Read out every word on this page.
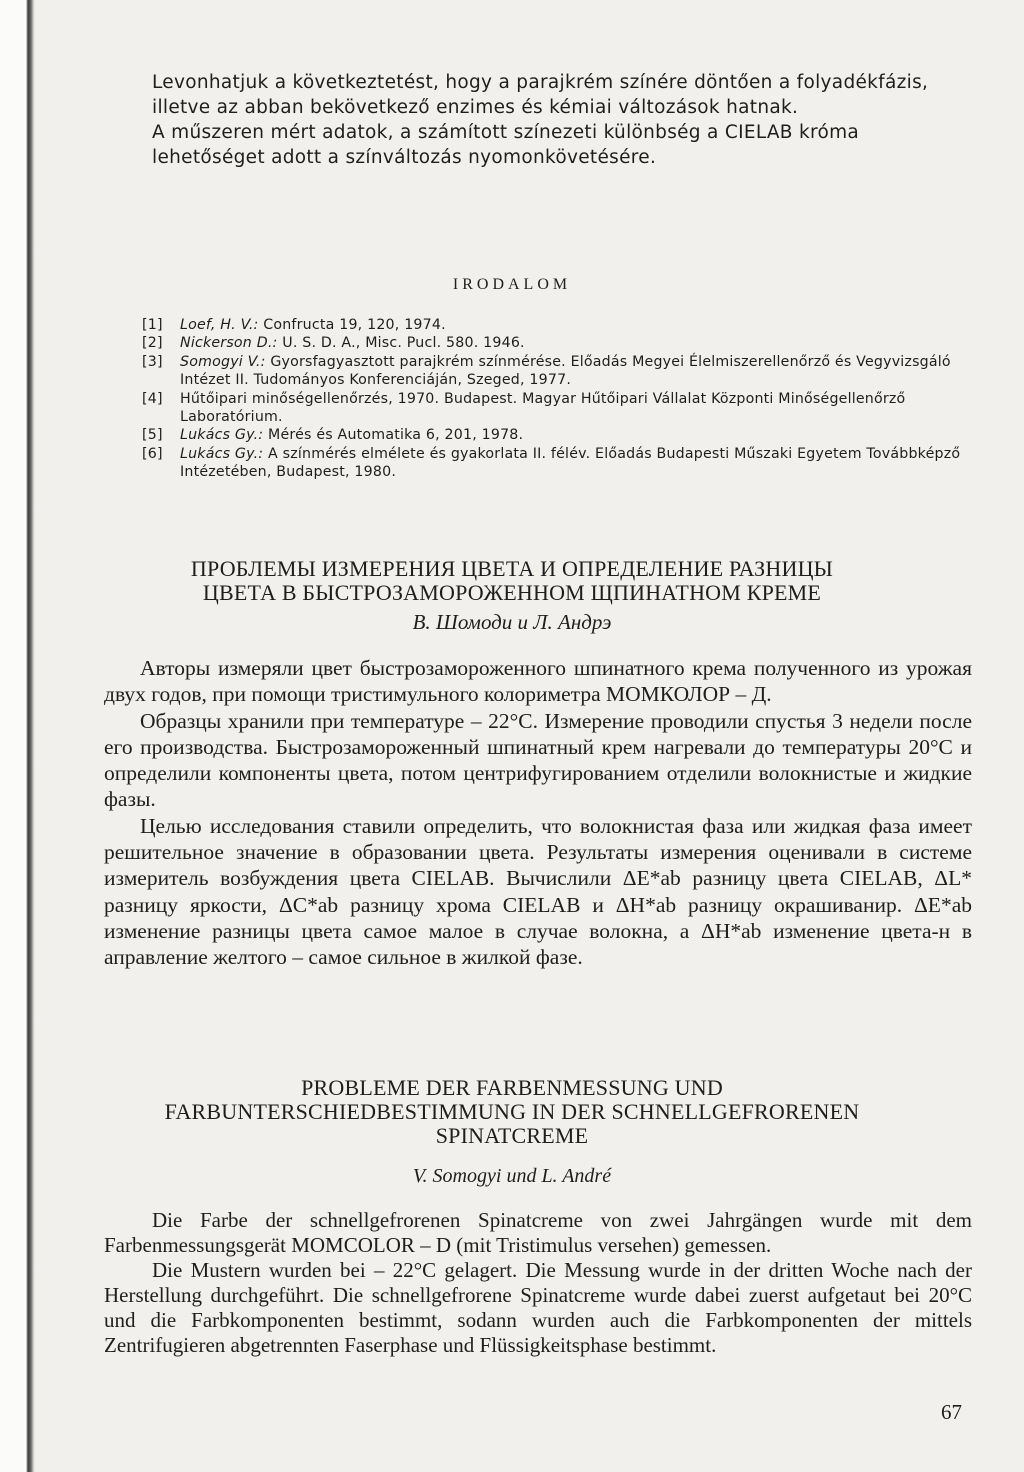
Levonhatjuk a következtetést, hogy a parajkrém színére döntően a folyadékfázis, illetve az abban bekövetkező enzimes és kémiai változások hatnak.

A műszeren mért adatok, a számított színezeti különbség a CIELAB króma lehetőséget adott a színváltozás nyomonkövetésére.

IRODALOM

[1] Loef, H. V.: Confructa 19, 120, 1974.

[2] Nickerson D.: U. S. D. A., Misc. Pucl. 580. 1946.

[3] Somogyi V.: Gyorsfagyasztott parajkrém színmérése. Előadás Megyei Élelmiszerellenőrző és Vegyvizsgáló Intézet II. Tudományos Konferenciáján, Szeged, 1977.

[4] Hűtőipari minőségellenőrzés, 1970. Budapest. Magyar Hűtőipari Vállalat Központi Minőségellenőrző Laboratórium.

[5] Lukács Gy.: Mérés és Automatika 6, 201, 1978.

[6] Lukács Gy.: A színmérés elmélete és gyakorlata II. félév. Előadás Budapesti Műszaki Egyetem Továbbképző Intézetében, Budapest, 1980.

ПРОБЛЕМЫ ИЗМЕРЕНИЯ ЦВЕТА И ОПРЕДЕЛЕНИЕ РАЗНИЦЫ
ЦВЕТА В БЫСТРОЗАМОРОЖЕННОМ ЩПИНАТНОМ КРЕМЕ
В. Шомоди и Л. Андрэ

Авторы измеряли цвет быстрозамороженного шпинатного крема полученного из урожая двух годов, при помощи тристимульного колориметра МОМКОЛОР – Д.

Образцы хранили при температуре – 22°С. Измерение проводили спустья 3 недели после его производства. Быстрозамороженный шпинатный крем нагревали до температуры 20°С и определили компоненты цвета, потом центрифугированием отделили волокнистые и жидкие фазы.

Целью исследования ставили определить, что волокнистая фаза или жидкая фаза имеет решительное значение в образовании цвета. Результаты измерения оценивали в системе измеритель возбуждения цвета CIELAB. Вычислили ΔE*ab разницу цвета CIELAB, ΔL* разницу яркости, ΔC*ab разницу хрома CIELAB и ΔH*ab разницу окрашиванир. ΔE*ab изменение разницы цвета самое малое в случае волокна, а ΔH*ab изменение цвета-н в аправление желтого – самое сильное в жилкой фазе.

PROBLEME DER FARBENMESSUNG UND
FARBUNTERSCHIEDBESTIMMUNG IN DER SCHNELLGEFRORENEN
SPINATCREME
V. Somogyi und L. André

Die Farbe der schnellgefrorenen Spinatcreme von zwei Jahrgängen wurde mit dem Farbenmessungsgerät MOMCOLOR – D (mit Tristimulus versehen) gemessen.

Die Mustern wurden bei – 22°C gelagert. Die Messung wurde in der dritten Woche nach der Herstellung durchgeführt. Die schnellgefrorene Spinatcreme wurde dabei zuerst aufgetaut bei 20°C und die Farbkomponenten bestimmt, sodann wurden auch die Farbkomponenten der mittels Zentrifugieren abgetrennten Faserphase und Flüssigkeitsphase bestimmt.

67
